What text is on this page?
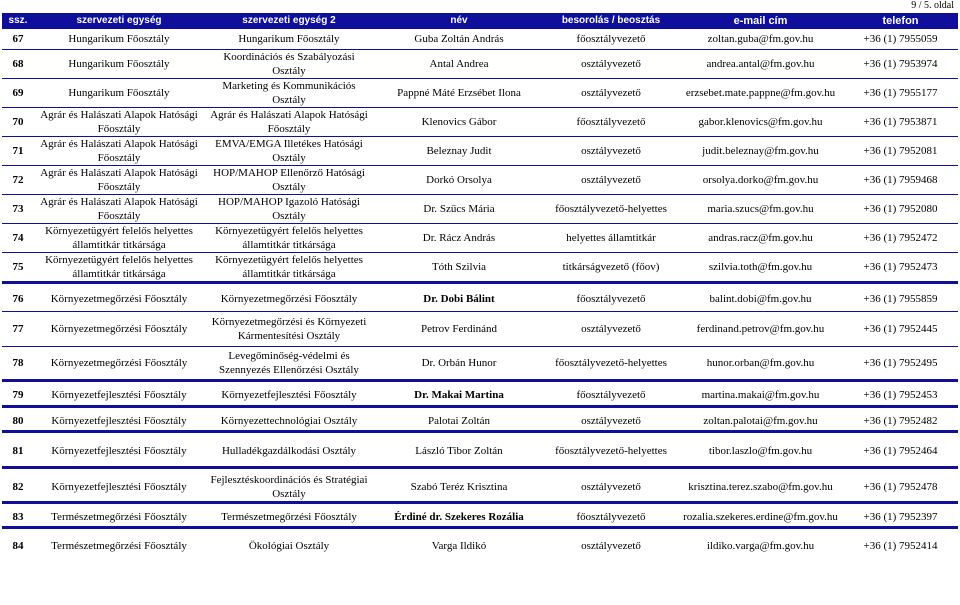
9 / 5. oldal
ssz.	szervezeti egység	szervezeti egység 2	név	besorolás / beosztás	e-mail cím	telefon

67	Hungarikum Főosztály	Hungarikum Főosztály	Guba Zoltán András	főosztályvezető	zoltan.guba@fm.gov.hu	+36 (1) 7955059

68	Hungarikum Főosztály	Koordinációs és Szabályozási Osztály	Antal Andrea	osztályvezető	andrea.antal@fm.gov.hu	+36 (1) 7953974

69	Hungarikum Főosztály	Marketing és Kommunikációs Osztály	Pappné Máté Erzsébet Ilona	osztályvezető	erzsebet.mate.pappne@fm.gov.hu	+36 (1) 7955177

70	Agrár és Halászati Alapok Hatósági Főosztály	Agrár és Halászati Alapok Hatósági Főosztály	Klenovics Gábor	főosztályvezető	gabor.klenovics@fm.gov.hu	+36 (1) 7953871

71	Agrár és Halászati Alapok Hatósági Főosztály	EMVA/EMGA Illetékes Hatósági Osztály	Beleznay Judit	osztályvezető	judit.beleznay@fm.gov.hu	+36 (1) 7952081

72	Agrár és Halászati Alapok Hatósági Főosztály	HOP/MAHOP Ellenőrző Hatósági Osztály	Dorkó Orsolya	osztályvezető	orsolya.dorko@fm.gov.hu	+36 (1) 7959468

73	Agrár és Halászati Alapok Hatósági Főosztály	HOP/MAHOP Igazoló Hatósági Osztály	Dr. Szűcs Mária	főosztályvezető-helyettes	maria.szucs@fm.gov.hu	+36 (1) 7952080

74	Környezetügyért felelős helyettes államtitkár titkársága	Környezetügyért felelős helyettes államtitkár titkársága	Dr. Rácz András	helyettes államtitkár	andras.racz@fm.gov.hu	+36 (1) 7952472

75	Környezetügyért felelős helyettes államtitkár titkársága	Környezetügyért felelős helyettes államtitkár titkársága	Tóth Szilvia	titkárságvezető (főov)	szilvia.toth@fm.gov.hu	+36 (1) 7952473

76	Környezetmegőrzési Főosztály	Környezetmegőrzési Főosztály	Dr. Dobi Bálint	főosztályvezető	balint.dobi@fm.gov.hu	+36 (1) 7955859

77	Környezetmegőrzési Főosztály	Környezetmegőrzési és Környezeti Kármentesítési Osztály	Petrov Ferdinánd	osztályvezető	ferdinand.petrov@fm.gov.hu	+36 (1) 7952445

78	Környezetmegőrzési Főosztály	Levegőminőség-védelmi és Szennyezés Ellenőrzési Osztály	Dr. Orbán Hunor	főosztályvezető-helyettes	hunor.orban@fm.gov.hu	+36 (1) 7952495

79	Környezetfejlesztési Főosztály	Környezetfejlesztési Főosztály	Dr. Makai Martina	főosztályvezető	martina.makai@fm.gov.hu	+36 (1) 7952453

80	Környezetfejlesztési Főosztály	Környezettechnológiai Osztály	Palotai Zoltán	osztályvezető	zoltan.palotai@fm.gov.hu	+36 (1) 7952482

81	Környezetfejlesztési Főosztály	Hulladékgazdálkodási Osztály	László Tibor Zoltán	főosztályvezető-helyettes	tibor.laszlo@fm.gov.hu	+36 (1) 7952464

82	Környezetfejlesztési Főosztály	Fejlesztéskoordinációs és Stratégiai Osztály	Szabó Teréz Krisztina	osztályvezető	krisztina.terez.szabo@fm.gov.hu	+36 (1) 7952478

83	Természetmegőrzési Főosztály	Természetmegőrzési Főosztály	Érdiné dr. Szekeres Rozália	főosztályvezető	rozalia.szekeres.erdine@fm.gov.hu	+36 (1) 7952397

84	Természetmegőrzési Főosztály	Ökológiai Osztály	Varga Ildikó	osztályvezető	ildiko.varga@fm.gov.hu	+36 (1) 7952414
